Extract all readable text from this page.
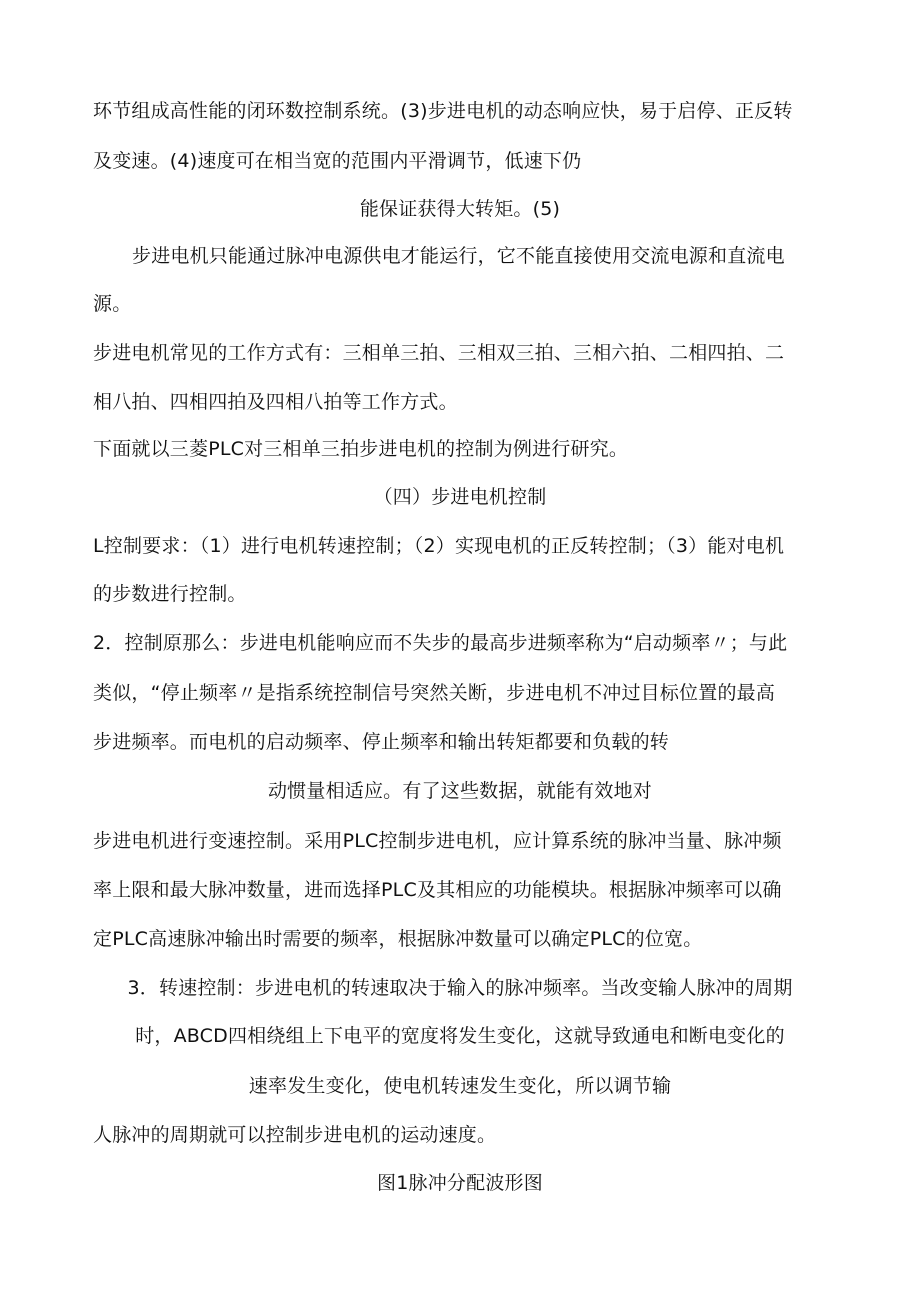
环节组成高性能的闭环数控制系统。(3)步进电机的动态响应快，易于启停、正反转
及变速。(4)速度可在相当宽的范围内平滑调节，低速下仍
能保证获得大转矩。(5)
步进电机只能通过脉冲电源供电才能运行，它不能直接使用交流电源和直流电
源。
步进电机常见的工作方式有：三相单三拍、三相双三拍、三相六拍、二相四拍、二
相八拍、四相四拍及四相八拍等工作方式。
下面就以三菱PLC对三相单三拍步进电机的控制为例进行研究。
（四）步进电机控制
L控制要求：（1）进行电机转速控制；（2）实现电机的正反转控制；（3）能对电机
的步数进行控制。
2．控制原那么：步进电机能响应而不失步的最高步进频率称为“启动频率〃；与此
类似，“停止频率〃是指系统控制信号突然关断，步进电机不冲过目标位置的最高
步进频率。而电机的启动频率、停止频率和输出转矩都要和负载的转
动惯量相适应。有了这些数据，就能有效地对
步进电机进行变速控制。采用PLC控制步进电机，应计算系统的脉冲当量、脉冲频
率上限和最大脉冲数量，进而选择PLC及其相应的功能模块。根据脉冲频率可以确
定PLC高速脉冲输出时需要的频率，根据脉冲数量可以确定PLC的位宽。
3．转速控制：步进电机的转速取决于输入的脉冲频率。当改变输人脉冲的周期
时，ABCD四相绕组上下电平的宽度将发生变化，这就导致通电和断电变化的
速率发生变化，使电机转速发生变化，所以调节输
人脉冲的周期就可以控制步进电机的运动速度。
图1脉冲分配波形图
